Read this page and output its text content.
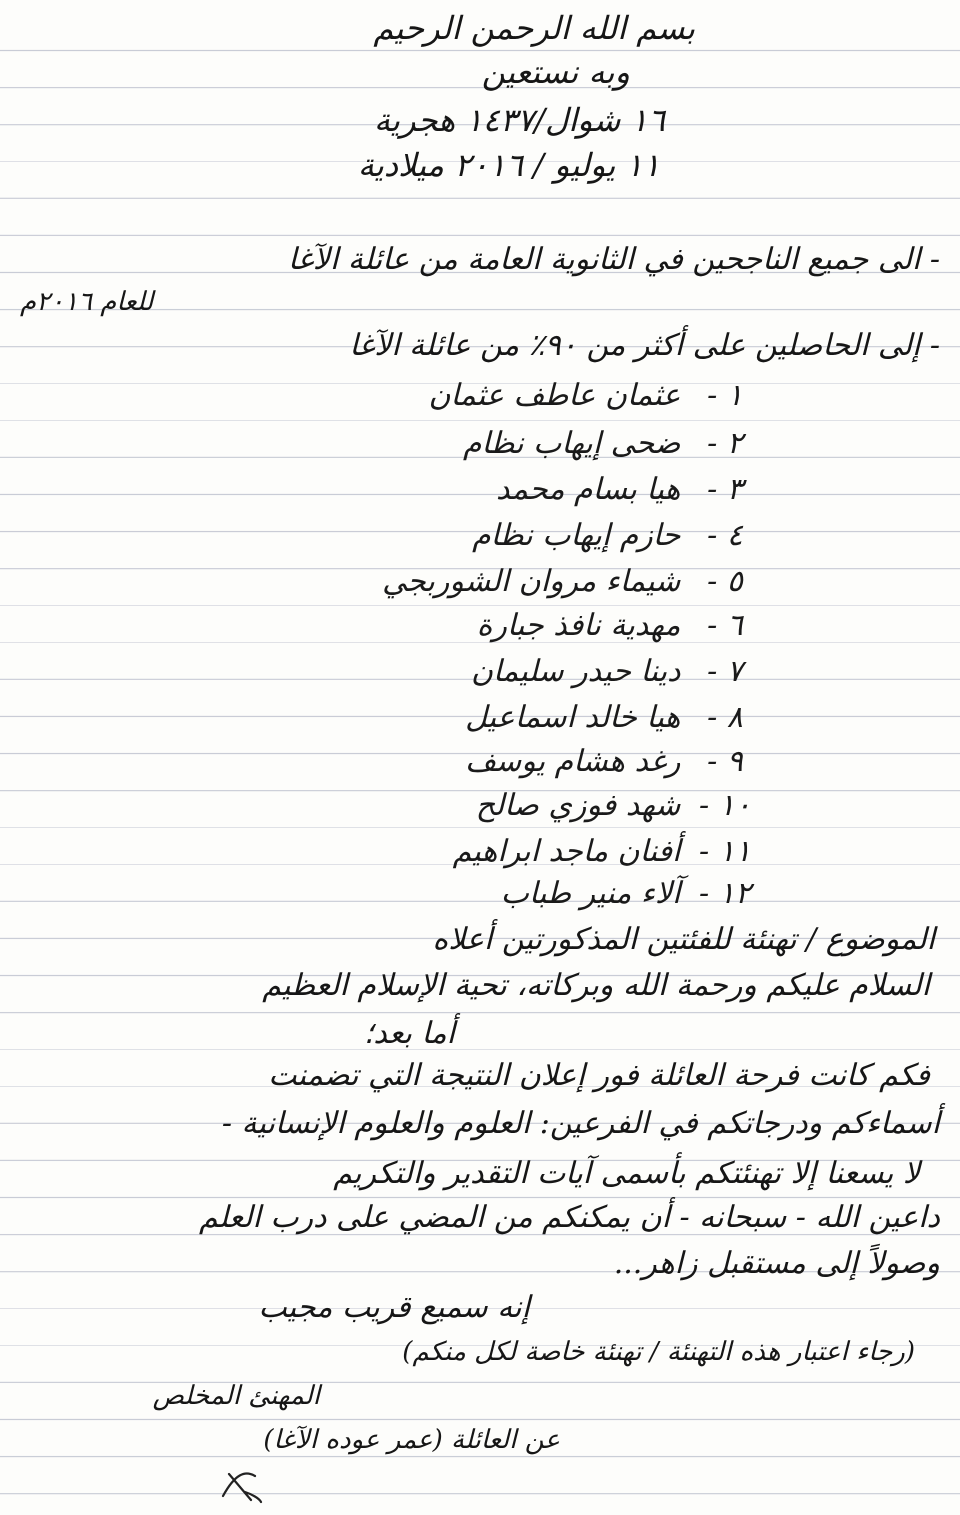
بسم الله الرحمن الرحيم
وبه نستعين
١٦ شوال/١٤٣٧ هجرية
١١ يوليو / ٢٠١٦ ميلادية
- الى جميع الناجحين في الثانوية العامة من عائلة الآغا
للعام ٢٠١٦م
- إلى الحاصلين على أكثر من ٩٠٪ من عائلة الآغا
١ - عثمان عاطف عثمان
٢ - ضحى إيهاب نظام
٣ - هيا بسام محمد
٤ - حازم إيهاب نظام
٥ - شيماء مروان الشوربجي
٦ - مهدية نافذ جبارة
٧ - دينا حيدر سليمان
٨ - هيا خالد اسماعيل
٩ - رغد هشام يوسف
١٠ - شهد فوزي صالح
١١ - أفنان ماجد ابراهيم
١٢ - آلاء منير طباب
الموضوع / تهنئة للفئتين المذكورتين أعلاه
السلام عليكم ورحمة الله وبركاته، تحية الإسلام العظيم
أما بعد؛
فكم كانت فرحة العائلة فور إعلان النتيجة التي تضمنت
أسماءكم ودرجاتكم في الفرعين: العلوم والعلوم الإنسانية -
لا يسعنا إلا تهنئتكم بأسمى آيات التقدير والتكريم
داعين الله - سبحانه - أن يمكنكم من المضي على درب العلم
وصولاً إلى مستقبل زاهر...
إنه سميع قريب مجيب
(رجاء اعتبار هذه التهنئة / تهنئة خاصة لكل منكم)
المهنئ المخلص
عن العائلة (عمر عوده الآغا)
